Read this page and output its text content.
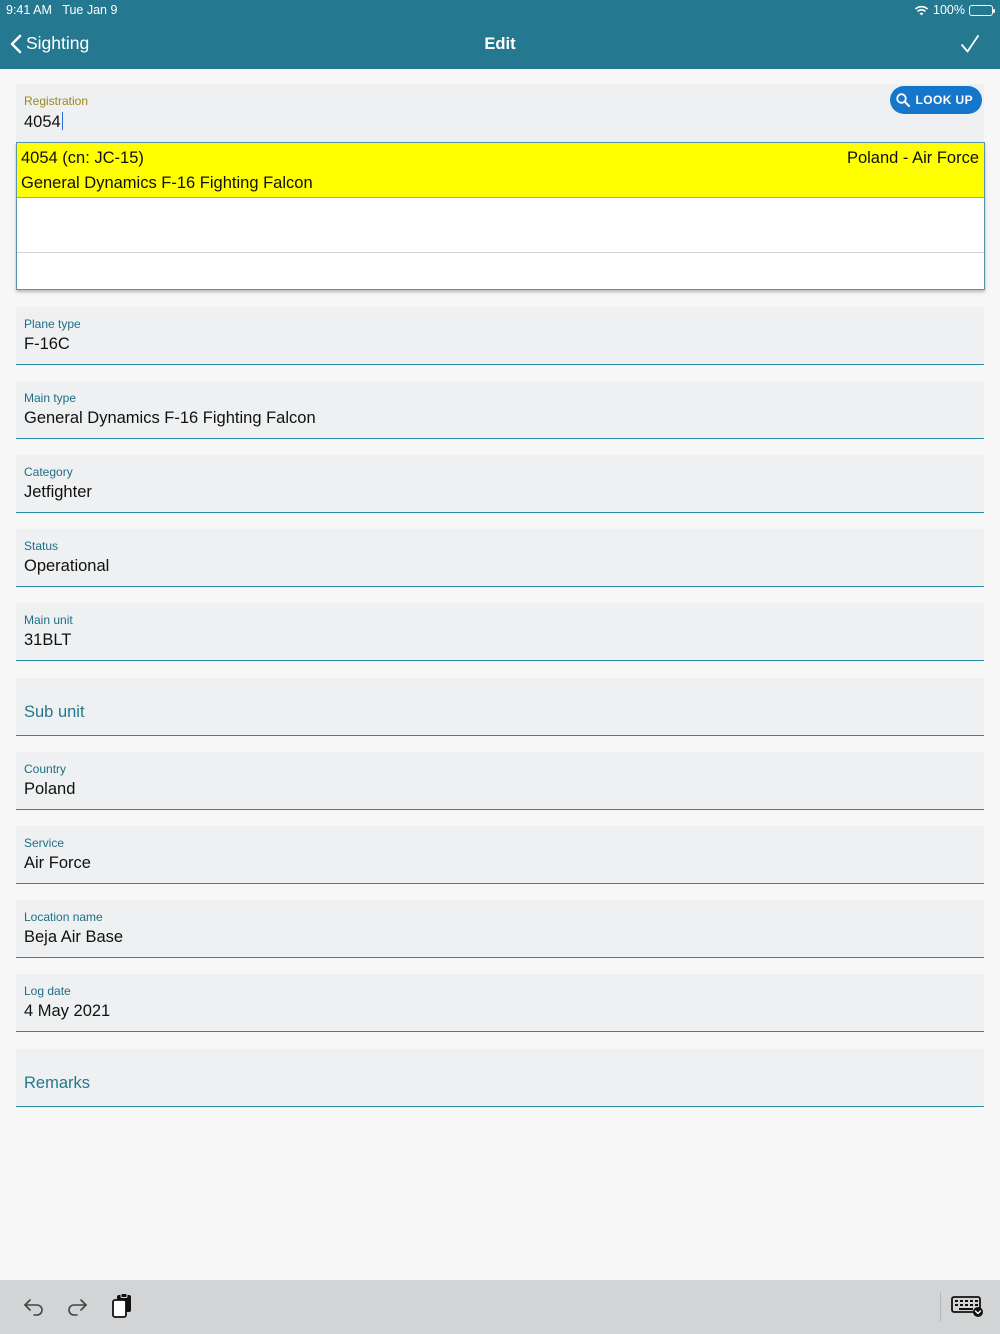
9:41 AM Tue Jan 9	100%
Sighting	Edit
Registration
4054
LOOK UP
4054 (cn: JC-15)
General Dynamics F-16 Fighting Falcon
Poland - Air Force
Plane type
F-16C
Main type
General Dynamics F-16 Fighting Falcon
Category
Jetfighter
Status
Operational
Main unit
31BLT
Sub unit
Country
Poland
Service
Air Force
Location name
Beja Air Base
Log date
4 May 2021
Remarks
